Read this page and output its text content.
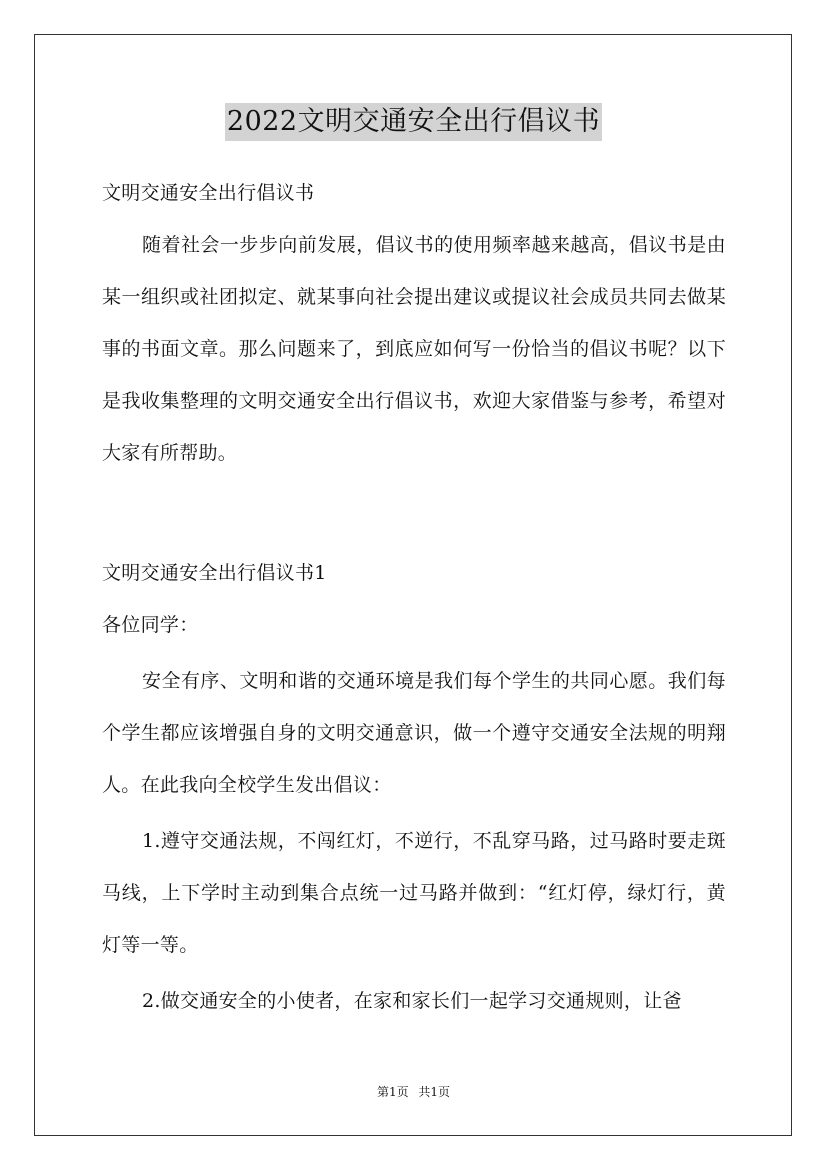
2022文明交通安全出行倡议书

文明交通安全出行倡议书

随着社会一步步向前发展，倡议书的使用频率越来越高，倡议书是由某一组织或社团拟定、就某事向社会提出建议或提议社会成员共同去做某事的书面文章。那么问题来了，到底应如何写一份恰当的倡议书呢？以下是我收集整理的文明交通安全出行倡议书，欢迎大家借鉴与参考，希望对大家有所帮助。

文明交通安全出行倡议书1

各位同学：

安全有序、文明和谐的交通环境是我们每个学生的共同心愿。我们每个学生都应该增强自身的文明交通意识，做一个遵守交通安全法规的明翔人。在此我向全校学生发出倡议：

1.遵守交通法规，不闯红灯，不逆行，不乱穿马路，过马路时要走斑马线，上下学时主动到集合点统一过马路并做到：“红灯停，绿灯行，黄灯等一等。

2.做交通安全的小使者，在家和家长们一起学习交通规则，让爸

第1页 共1页
